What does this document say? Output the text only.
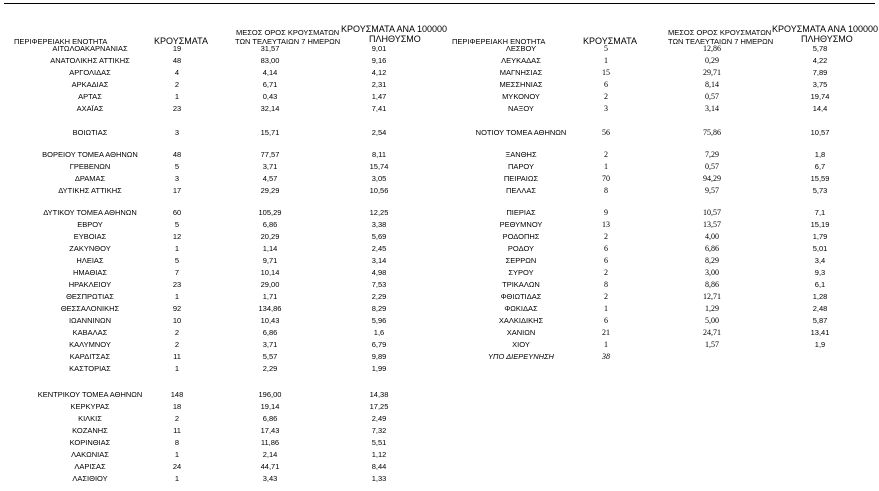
ΠΕΡΙΦΕΡΕΙΑΚΗ ΕΝΟΤΗΤΑ	ΚΡΟΥΣΜΑΤΑ
ΜΕΣΟΣ ΟΡΟΣ ΚΡΟΥΣΜΑΤΩΝ
ΤΩΝ ΤΕΛΕΥΤΑΙΩΝ 7 ΗΜΕΡΩΝ
ΚΡΟΥΣΜΑΤΑ ΑΝΑ 100000
ΠΛΗΘΥΣΜΟ	ΠΕΡΙΦΕΡΕΙΑΚΗ ΕΝΟΤΗΤΑ	ΚΡΟΥΣΜΑΤΑ
ΜΕΣΟΣ ΟΡΟΣ ΚΡΟΥΣΜΑΤΩΝ
ΤΩΝ ΤΕΛΕΥΤΑΙΩΝ 7 ΗΜΕΡΩΝ
ΚΡΟΥΣΜΑΤΑ ΑΝΑ 100000
ΠΛΗΘΥΣΜΟ
ΑΙΤΩΛΟΑΚΑΡΝΑΝΙΑΣ	19	31,57	9,01
ΑΝΑΤΟΛΙΚΗΣ ΑΤΤΙΚΗΣ	48	83,00	9,16
ΑΡΓΟΛΙΔΑΣ	4	4,14	4,12
ΑΡΚΑΔΙΑΣ	2	6,71	2,31
ΑΡΤΑΣ	1	0,43	1,47
ΑΧΑΪΑΣ	23	32,14	7,41
ΒΟΙΩΤΙΑΣ	3	15,71	2,54
ΒΟΡΕΙΟΥ ΤΟΜΕΑ ΑΘΗΝΩΝ	48	77,57	8,11
ΓΡΕΒΕΝΩΝ	5	3,71	15,74
ΔΡΑΜΑΣ	3	4,57	3,05
ΔΥΤΙΚΗΣ ΑΤΤΙΚΗΣ	17	29,29	10,56
ΔΥΤΙΚΟΥ ΤΟΜΕΑ ΑΘΗΝΩΝ	60	105,29	12,25
ΕΒΡΟΥ	5	6,86	3,38
ΕΥΒΟΙΑΣ	12	20,29	5,69
ΖΑΚΥΝΘΟΥ	1	1,14	2,45
ΗΛΕΙΑΣ	5	9,71	3,14
ΗΜΑΘΙΑΣ	7	10,14	4,98
ΗΡΑΚΛΕΙΟΥ	23	29,00	7,53
ΘΕΣΠΡΩΤΙΑΣ	1	1,71	2,29
ΘΕΣΣΑΛΟΝΙΚΗΣ	92	134,86	8,29
ΙΩΑΝΝΙΝΩΝ	10	10,43	5,96
ΚΑΒΑΛΑΣ	2	6,86	1,6
ΚΑΛΥΜΝΟΥ	2	3,71	6,79
ΚΑΡΔΙΤΣΑΣ	11	5,57	9,89
ΚΑΣΤΟΡΙΑΣ	1	2,29	1,99
ΚΕΝΤΡΙΚΟΥ ΤΟΜΕΑ ΑΘΗΝΩΝ	148	196,00	14,38
ΚΕΡΚΥΡΑΣ	18	19,14	17,25
ΚΙΛΚΙΣ	2	6,86	2,49
ΚΟΖΑΝΗΣ	11	17,43	7,32
ΚΟΡΙΝΘΙΑΣ	8	11,86	5,51
ΛΑΚΩΝΙΑΣ	1	2,14	1,12
ΛΑΡΙΣΑΣ	24	44,71	8,44
ΛΑΣΙΘΙΟΥ	1	3,43	1,33
ΛΕΣΒΟΥ	5	12,86	5,78
ΛΕΥΚΑΔΑΣ	1	0,29	4,22
ΜΑΓΝΗΣΙΑΣ	15	29,71	7,89
ΜΕΣΣΗΝΙΑΣ	6	8,14	3,75
ΜΥΚΟΝΟΥ	2	0,57	19,74
ΝΑΞΟΥ	3	3,14	14,4
ΝΟΤΙΟΥ ΤΟΜΕΑ ΑΘΗΝΩΝ	56	75,86	10,57
ΞΑΝΘΗΣ	2	7,29	1,8
ΠΑΡΟΥ	1	0,57	6,7
ΠΕΙΡΑΙΩΣ	70	94,29	15,59
ΠΕΛΛΑΣ	8	9,57	5,73
ΠΙΕΡΙΑΣ	9	10,57	7,1
ΡΕΘΥΜΝΟΥ	13	13,57	15,19
ΡΟΔΟΠΗΣ	2	4,00	1,79
ΡΟΔΟΥ	6	6,86	5,01
ΣΕΡΡΩΝ	6	8,29	3,4
ΣΥΡΟΥ	2	3,00	9,3
ΤΡΙΚΑΛΩΝ	8	8,86	6,1
ΦΘΙΩΤΙΔΑΣ	2	12,71	1,28
ΦΩΚΙΔΑΣ	1	1,29	2,48
ΧΑΛΚΙΔΙΚΗΣ	6	5,00	5,87
ΧΑΝΙΩΝ	21	24,71	13,41
ΧΙΟΥ	1	1,57	1,9
ΥΠΟ ΔΙΕΡΕΥΝΗΣΗ	38
